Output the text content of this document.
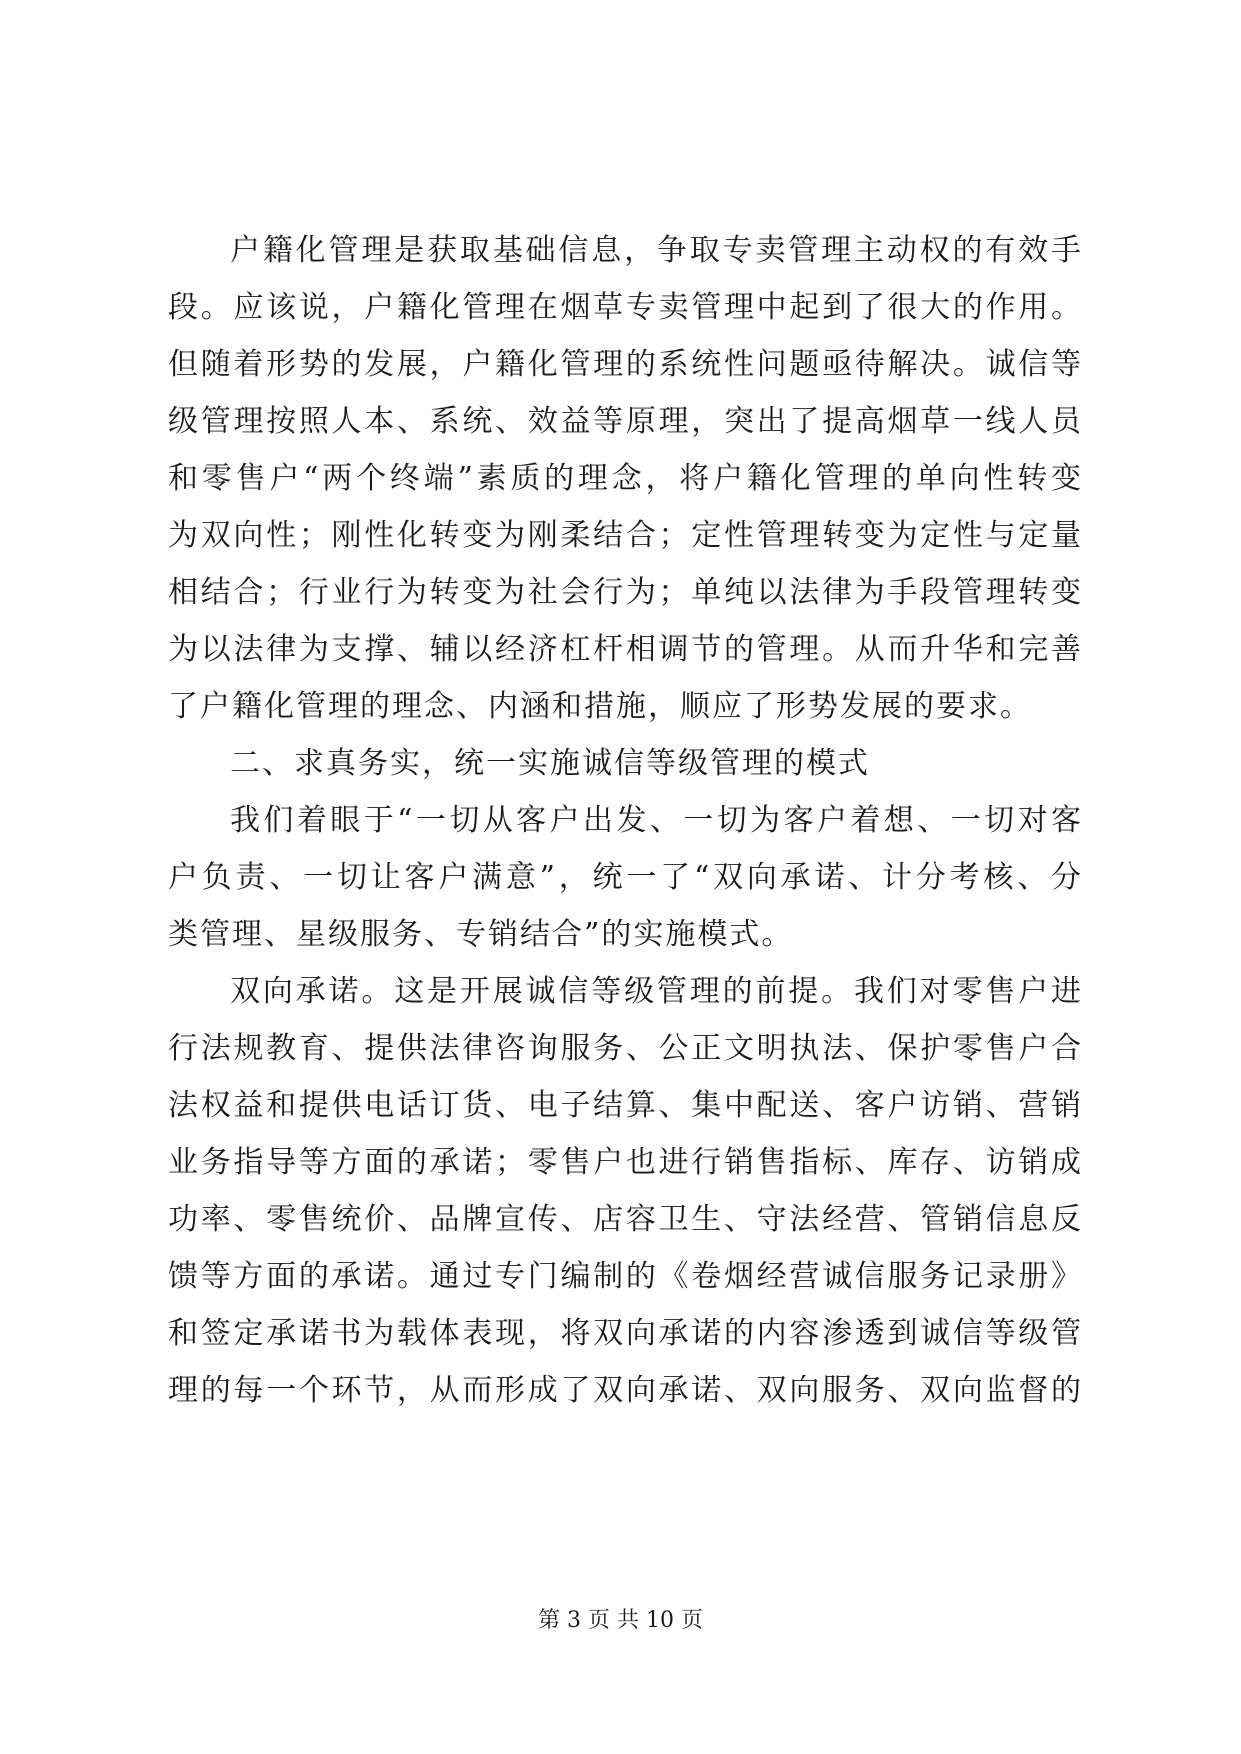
户籍化管理是获取基础信息，争取专卖管理主动权的有效手
段。应该说，户籍化管理在烟草专卖管理中起到了很大的作用。
但随着形势的发展，户籍化管理的系统性问题亟待解决。诚信等
级管理按照人本、系统、效益等原理，突出了提高烟草一线人员
和零售户“两个终端”素质的理念，将户籍化管理的单向性转变
为双向性；刚性化转变为刚柔结合；定性管理转变为定性与定量
相结合；行业行为转变为社会行为；单纯以法律为手段管理转变
为以法律为支撑、辅以经济杠杆相调节的管理。从而升华和完善
了户籍化管理的理念、内涵和措施，顺应了形势发展的要求。
二、求真务实，统一实施诚信等级管理的模式
我们着眼于“一切从客户出发、一切为客户着想、一切对客
户负责、一切让客户满意”，统一了“双向承诺、计分考核、分
类管理、星级服务、专销结合”的实施模式。
双向承诺。这是开展诚信等级管理的前提。我们对零售户进
行法规教育、提供法律咨询服务、公正文明执法、保护零售户合
法权益和提供电话订货、电子结算、集中配送、客户访销、营销
业务指导等方面的承诺；零售户也进行销售指标、库存、访销成
功率、零售统价、品牌宣传、店容卫生、守法经营、管销信息反
馈等方面的承诺。通过专门编制的《卷烟经营诚信服务记录册》
和签定承诺书为载体表现，将双向承诺的内容渗透到诚信等级管
理的每一个环节，从而形成了双向承诺、双向服务、双向监督的
第 3 页 共 10 页
